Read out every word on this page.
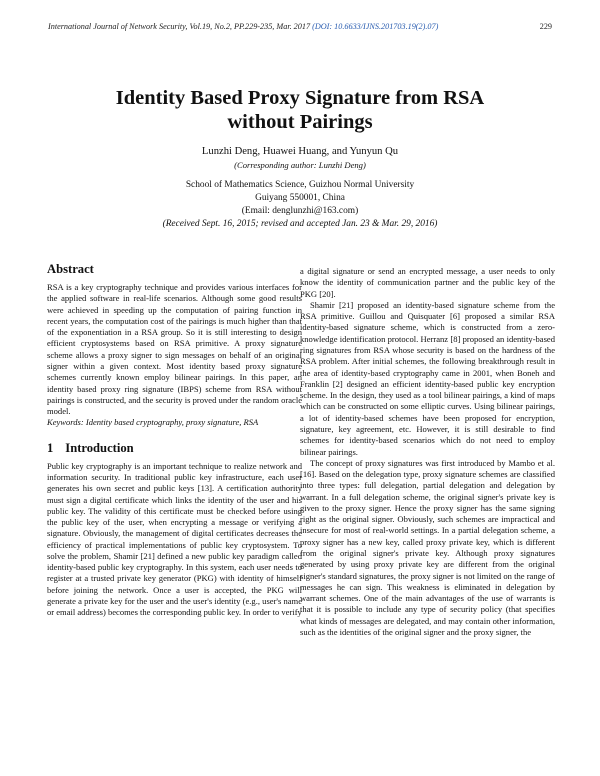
International Journal of Network Security, Vol.19, No.2, PP.229-235, Mar. 2017 (DOI: 10.6633/IJNS.201703.19(2).07)	229
Identity Based Proxy Signature from RSA
without Pairings
Lunzhi Deng, Huawei Huang, and Yunyun Qu
(Corresponding author: Lunzhi Deng)
School of Mathematics Science, Guizhou Normal University
Guiyang 550001, China
(Email: denglunzhi@163.com)
(Received Sept. 16, 2015; revised and accepted Jan. 23 & Mar. 29, 2016)
Abstract

RSA is a key cryptography technique and provides various interfaces for the applied software in real-life scenarios. Although some good results were achieved in speeding up the computation of pairing function in recent years, the computation cost of the pairings is much higher than that of the exponentiation in a RSA group. So it is still interesting to design efficient cryptosystems based on RSA primitive. A proxy signature scheme allows a proxy signer to sign messages on behalf of an original signer within a given context. Most identity based proxy signature schemes currently known employ bilinear pairings. In this paper, an identity based proxy ring signature (IBPS) scheme from RSA without pairings is constructed, and the security is proved under the random oracle model.

Keywords: Identity based cryptography, proxy signature, RSA

1 Introduction

Public key cryptography is an important technique to realize network and information security. In traditional public key infrastructure, each user generates his own secret and public keys [13]. A certification authority must sign a digital certificate which links the identity of the user and his public key. The validity of this certificate must be checked before using the public key of the user, when encrypting a message or verifying a signature. Obviously, the management of digital certificates decreases the efficiency of practical implementations of public key cryptosystem. To solve the problem, Shamir [21] defined a new public key paradigm called identity-based public key cryptography. In this system, each user needs to register at a trusted private key generator (PKG) with identity of himself before joining the network. Once a user is accepted, the PKG will generate a private key for the user and the user's identity (e.g., user's name or email address) becomes the corresponding public key. In order to verify

a digital signature or send an encrypted message, a user needs to only know the identity of communication partner and the public key of the PKG [20].

Shamir [21] proposed an identity-based signature scheme from the RSA primitive. Guillou and Quisquater [6] proposed a similar RSA identity-based signature scheme, which is constructed from a zero-knowledge identification protocol. Herranz [8] proposed an identity-based ring signatures from RSA whose security is based on the hardness of the RSA problem. After initial schemes, the following breakthrough result in the area of identity-based cryptography came in 2001, when Boneh and Franklin [2] designed an efficient identity-based public key encryption scheme. In the design, they used as a tool bilinear pairings, a kind of maps which can be constructed on some elliptic curves. Using bilinear pairings, a lot of identity-based schemes have been proposed for encryption, signature, key agreement, etc. However, it is still desirable to find schemes for identity-based scenarios which do not need to employ bilinear pairings.

The concept of proxy signatures was first introduced by Mambo et al. [16]. Based on the delegation type, proxy signature schemes are classified into three types: full delegation, partial delegation and delegation by warrant. In a full delegation scheme, the original signer's private key is given to the proxy signer. Hence the proxy signer has the same signing right as the original signer. Obviously, such schemes are impractical and insecure for most of real-world settings. In a partial delegation scheme, a proxy signer has a new key, called proxy private key, which is different from the original signer's private key. Although proxy signatures generated by using proxy private key are different from the original signer's standard signatures, the proxy signer is not limited on the range of messages he can sign. This weakness is eliminated in delegation by warrant schemes. One of the main advantages of the use of warrants is that it is possible to include any type of security policy (that specifies what kinds of messages are delegated, and may contain other information, such as the identities of the original signer and the proxy signer, the
